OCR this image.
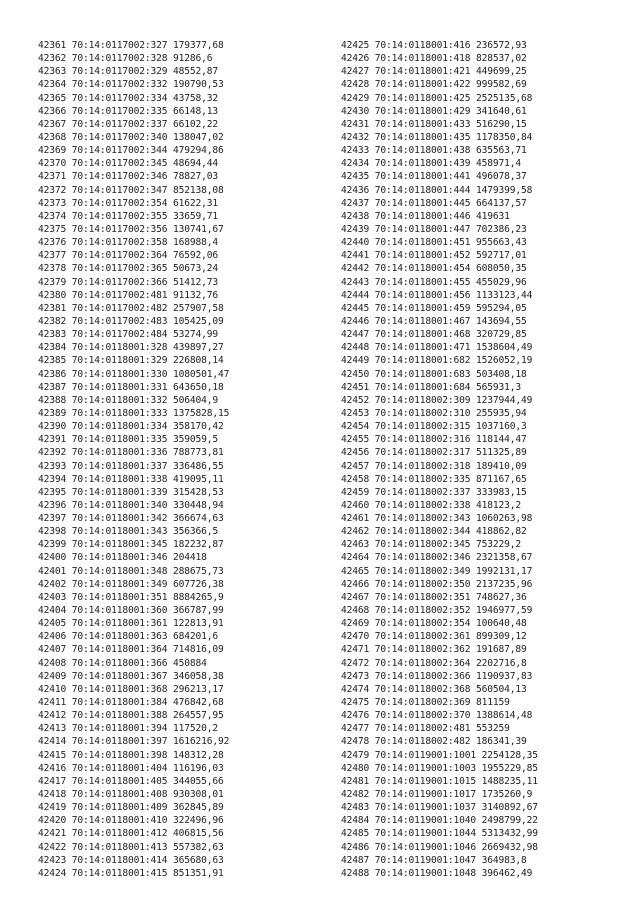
42361 70:14:0117002:327 179377,68
42362 70:14:0117002:328 91286,6
42363 70:14:0117002:329 48552,87
42364 70:14:0117002:332 190790,53
42365 70:14:0117002:334 43758,32
42366 70:14:0117002:335 66148,13
42367 70:14:0117002:337 66102,22
42368 70:14:0117002:340 138047,02
42369 70:14:0117002:344 479294,86
42370 70:14:0117002:345 48694,44
42371 70:14:0117002:346 78827,03
42372 70:14:0117002:347 852138,08
42373 70:14:0117002:354 61622,31
42374 70:14:0117002:355 33659,71
42375 70:14:0117002:356 130741,67
42376 70:14:0117002:358 168988,4
42377 70:14:0117002:364 76592,06
42378 70:14:0117002:365 50673,24
42379 70:14:0117002:366 51412,73
42380 70:14:0117002:481 91132,76
42381 70:14:0117002:482 257907,58
42382 70:14:0117002:483 105425,09
42383 70:14:0117002:484 53274,99
42384 70:14:0118001:328 439897,27
42385 70:14:0118001:329 226808,14
42386 70:14:0118001:330 1080501,47
42387 70:14:0118001:331 643650,18
42388 70:14:0118001:332 506404,9
42389 70:14:0118001:333 1375828,15
42390 70:14:0118001:334 358170,42
42391 70:14:0118001:335 359059,5
42392 70:14:0118001:336 788773,81
42393 70:14:0118001:337 336486,55
42394 70:14:0118001:338 419095,11
42395 70:14:0118001:339 315428,53
42396 70:14:0118001:340 330448,94
42397 70:14:0118001:342 366674,63
42398 70:14:0118001:343 356366,5
42399 70:14:0118001:345 182232,87
42400 70:14:0118001:346 204418
42401 70:14:0118001:348 288675,73
42402 70:14:0118001:349 607726,38
42403 70:14:0118001:351 8884265,9
42404 70:14:0118001:360 366787,99
42405 70:14:0118001:361 122813,91
42406 70:14:0118001:363 684201,6
42407 70:14:0118001:364 714816,09
42408 70:14:0118001:366 450884
42409 70:14:0118001:367 346058,38
42410 70:14:0118001:368 296213,17
42411 70:14:0118001:384 476842,68
42412 70:14:0118001:388 264557,95
42413 70:14:0118001:394 117520,2
42414 70:14:0118001:397 1616216,92
42415 70:14:0118001:398 148312,28
42416 70:14:0118001:404 116196,03
42417 70:14:0118001:405 344055,66
42418 70:14:0118001:408 930308,01
42419 70:14:0118001:409 362845,89
42420 70:14:0118001:410 322496,96
42421 70:14:0118001:412 406815,56
42422 70:14:0118001:413 557382,63
42423 70:14:0118001:414 365680,63
42424 70:14:0118001:415 851351,91
42425 70:14:0118001:416 236572,93
42426 70:14:0118001:418 828537,02
42427 70:14:0118001:421 449699,25
42428 70:14:0118001:422 999582,69
42429 70:14:0118001:425 2525135,68
42430 70:14:0118001:429 341640,61
42431 70:14:0118001:433 516290,15
42432 70:14:0118001:435 1178350,84
42433 70:14:0118001:438 635563,71
42434 70:14:0118001:439 458971,4
42435 70:14:0118001:441 496078,37
42436 70:14:0118001:444 1479399,58
42437 70:14:0118001:445 664137,57
42438 70:14:0118001:446 419631
42439 70:14:0118001:447 702386,23
42440 70:14:0118001:451 955663,43
42441 70:14:0118001:452 592717,01
42442 70:14:0118001:454 608050,35
42443 70:14:0118001:455 455029,96
42444 70:14:0118001:456 1133123,44
42445 70:14:0118001:459 595294,05
42446 70:14:0118001:467 143694,55
42447 70:14:0118001:468 320729,85
42448 70:14:0118001:471 1538604,49
42449 70:14:0118001:682 1526052,19
42450 70:14:0118001:683 503408,18
42451 70:14:0118001:684 565931,3
42452 70:14:0118002:309 1237944,49
42453 70:14:0118002:310 255935,94
42454 70:14:0118002:315 1037160,3
42455 70:14:0118002:316 118144,47
42456 70:14:0118002:317 511325,89
42457 70:14:0118002:318 189410,09
42458 70:14:0118002:335 871167,65
42459 70:14:0118002:337 333983,15
42460 70:14:0118002:338 418123,2
42461 70:14:0118002:343 1060263,98
42462 70:14:0118002:344 418862,82
42463 70:14:0118002:345 753229,2
42464 70:14:0118002:346 2321358,67
42465 70:14:0118002:349 1992131,17
42466 70:14:0118002:350 2137235,96
42467 70:14:0118002:351 748627,36
42468 70:14:0118002:352 1946977,59
42469 70:14:0118002:354 100640,48
42470 70:14:0118002:361 899309,12
42471 70:14:0118002:362 191687,89
42472 70:14:0118002:364 2202716,8
42473 70:14:0118002:366 1190937,83
42474 70:14:0118002:368 560504,13
42475 70:14:0118002:369 811159
42476 70:14:0118002:370 1388614,48
42477 70:14:0118002:481 553259
42478 70:14:0118002:482 186341,39
42479 70:14:0119001:1001 2254128,35
42480 70:14:0119001:1003 1955229,85
42481 70:14:0119001:1015 1488235,11
42482 70:14:0119001:1017 1735260,9
42483 70:14:0119001:1037 3140892,67
42484 70:14:0119001:1040 2498799,22
42485 70:14:0119001:1044 5313432,99
42486 70:14:0119001:1046 2669432,98
42487 70:14:0119001:1047 364983,8
42488 70:14:0119001:1048 396462,49
